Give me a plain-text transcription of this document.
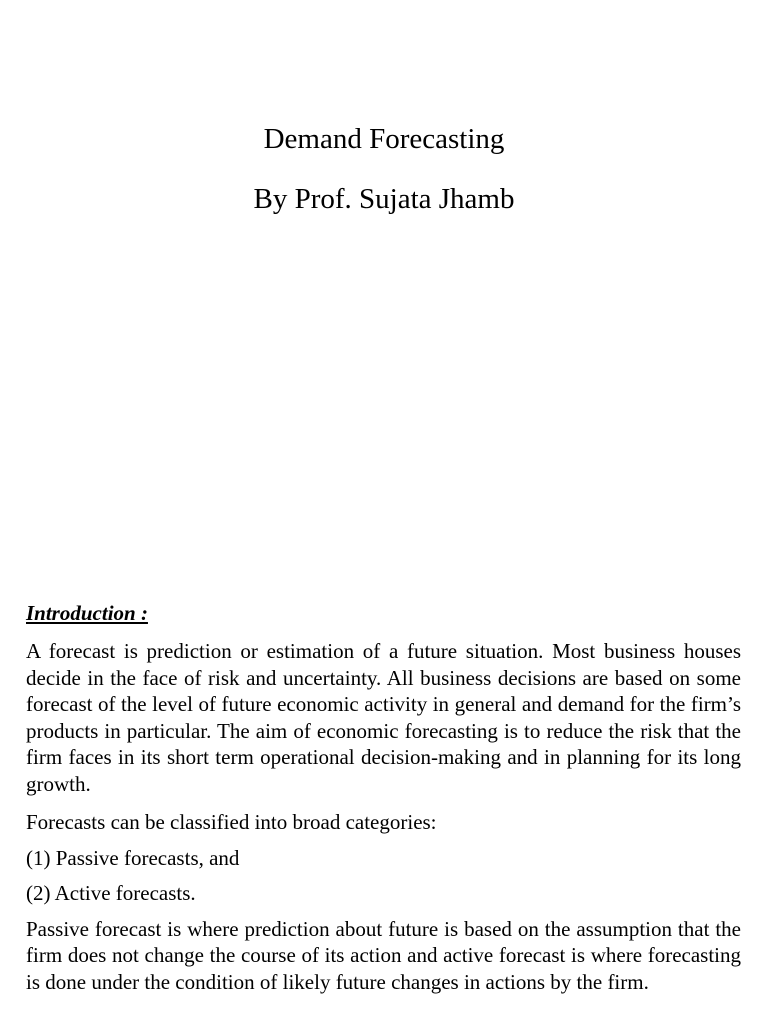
Demand Forecasting
By Prof. Sujata Jhamb
Introduction :
A forecast is prediction or estimation of a future situation. Most business houses decide in the face of risk and uncertainty. All business decisions are based on some forecast of the level of future economic activity in general and demand for the firm’s products in particular. The aim of economic forecasting is to reduce the risk that the firm faces in its short term operational decision-making and in planning for its long growth.
Forecasts can be classified into broad categories:
(1) Passive forecasts, and
(2) Active forecasts.
Passive forecast is where prediction about future is based on the assumption that the firm does not change the course of its action and active forecast is where forecasting is done under the condition of likely future changes in actions by the firm.
